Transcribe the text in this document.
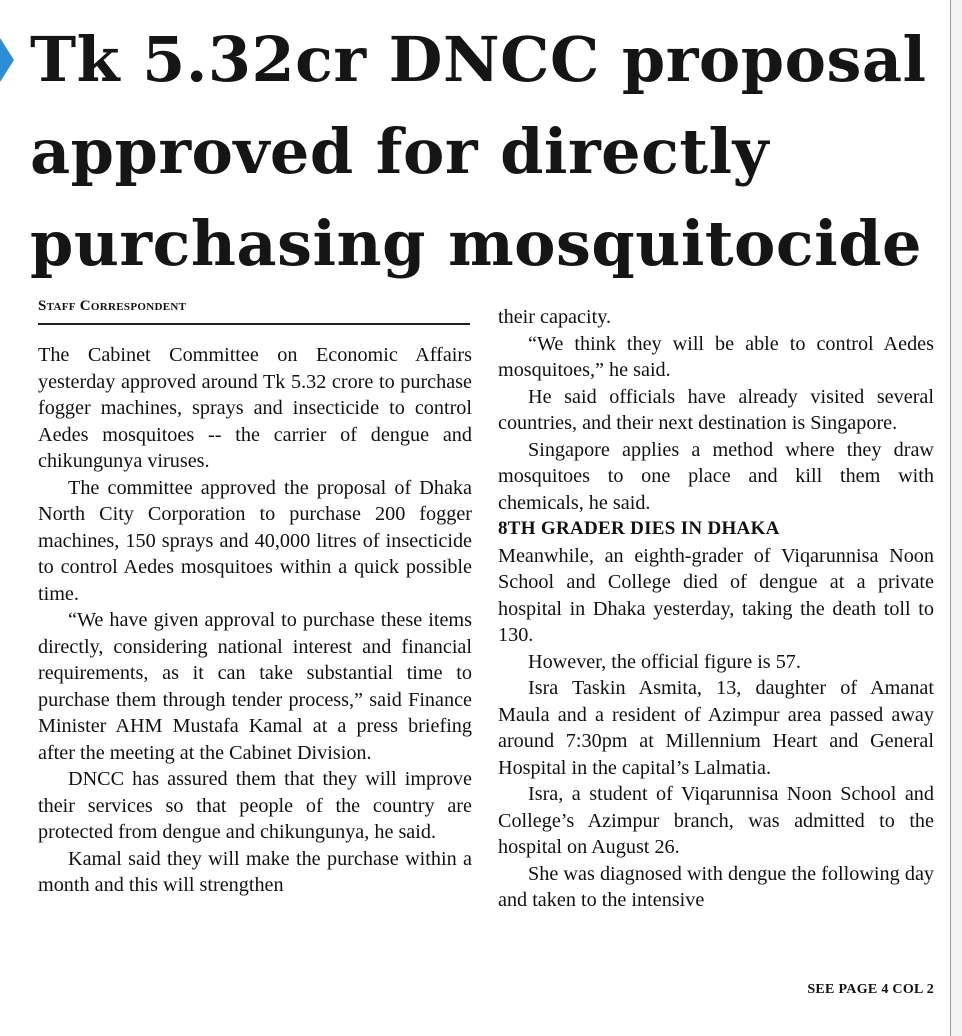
Tk 5.32cr DNCC proposal
approved for directly
purchasing mosquitocide
Staff Correspondent

The Cabinet Committee on Economic Affairs yesterday approved around Tk 5.32 crore to purchase fogger machines, sprays and insecticide to control Aedes mosquitoes -- the carrier of dengue and chikungunya viruses.

The committee approved the proposal of Dhaka North City Corporation to purchase 200 fogger machines, 150 sprays and 40,000 litres of insecticide to control Aedes mosquitoes within a quick possible time.

“We have given approval to purchase these items directly, considering national interest and financial requirements, as it can take substantial time to purchase them through tender process,” said Finance Minister AHM Mustafa Kamal at a press briefing after the meeting at the Cabinet Division.

DNCC has assured them that they will improve their services so that people of the country are protected from dengue and chikungunya, he said.

Kamal said they will make the purchase within a month and this will strengthen

their capacity.

“We think they will be able to control Aedes mosquitoes,” he said.

He said officials have already visited several countries, and their next destination is Singapore.

Singapore applies a method where they draw mosquitoes to one place and kill them with chemicals, he said.

8TH GRADER DIES IN DHAKA

Meanwhile, an eighth-grader of Viqarunnisa Noon School and College died of dengue at a private hospital in Dhaka yesterday, taking the death toll to 130.

However, the official figure is 57.

Isra Taskin Asmita, 13, daughter of Amanat Maula and a resident of Azimpur area passed away around 7:30pm at Millennium Heart and General Hospital in the capital’s Lalmatia.

Isra, a student of Viqarunnisa Noon School and College’s Azimpur branch, was admitted to the hospital on August 26.

She was diagnosed with dengue the following day and taken to the intensive

SEE PAGE 4 COL 2
